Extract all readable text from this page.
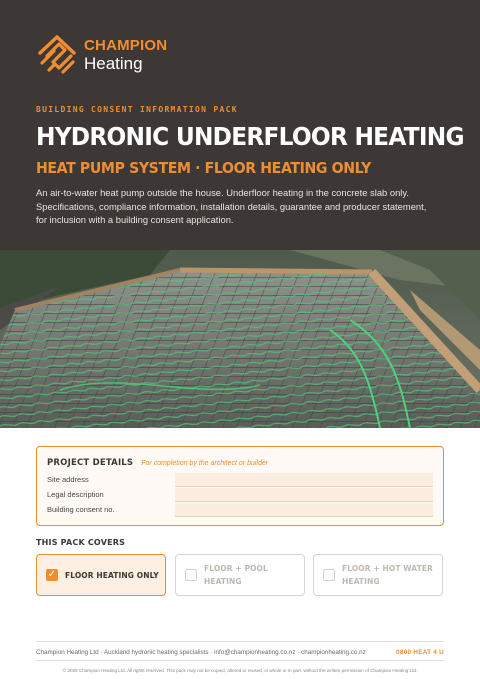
CHAMPION
Heating
BUILDING CONSENT INFORMATION PACK
HYDRONIC UNDERFLOOR HEATING
HEAT PUMP SYSTEM · FLOOR HEATING ONLY

An air-to-water heat pump outside the house. Underfloor heating in the concrete slab only. Specifications, compliance information, installation details, guarantee and producer statement, for inclusion with a building consent application.

PROJECT DETAILS For completion by the architect or builder
Site address
Legal description
Building consent no.
THIS PACK COVERS
✓ FLOOR HEATING ONLY
FLOOR + POOL HEATING
FLOOR + HOT WATER
HEATING
Champion Heating Ltd · Auckland hydronic heating specialists · info@championheating.co.nz · championheating.co.nz	0800 HEAT 4 U
© 2026 Champion Heating Ltd. All rights reserved. This pack may not be copied, altered or reused, in whole or in part, without the written permission of Champion Heating Ltd.
